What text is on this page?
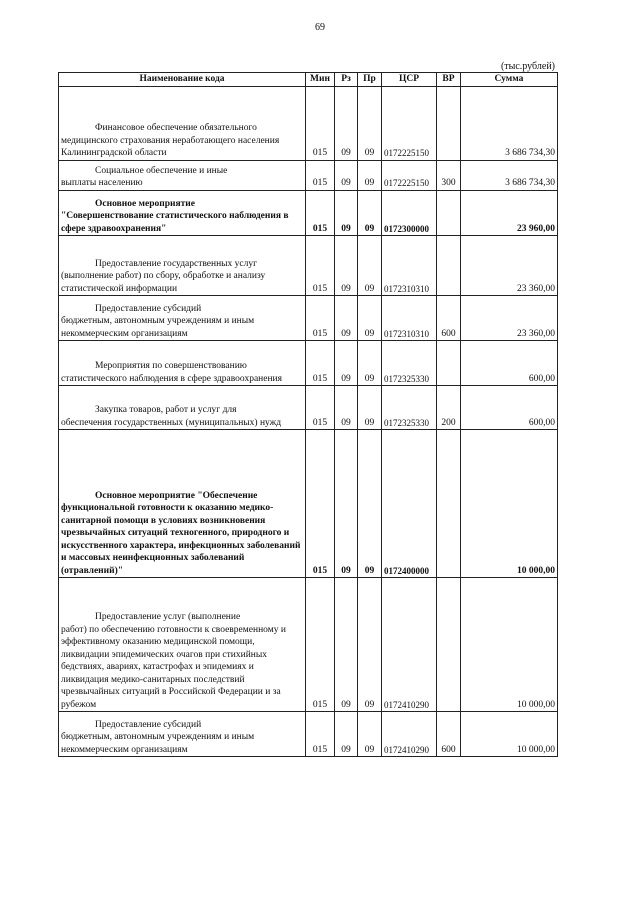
69
(тыс.рублей)
Наименование кода	Мин	Рз	Пр	ЦСР	ВР	Сумма

Финансовое обеспечение обязательного
медицинского страхования неработающего населения Калининградской области	015	09	09	0172225150		3 686 734,30

Социальное обеспечение и иные
выплаты населению	015	09	09	0172225150	300	3 686 734,30

Основное мероприятие
"Совершенствование статистического наблюдения в сфере здравоохранения"	015	09	09	0172300000		23 960,00

Предоставление государственных услуг
(выполнение работ) по сбору, обработке и анализу статистической информации	015	09	09	0172310310		23 360,00

Предоставление субсидий
бюджетным, автономным учреждениям и иным некоммерческим организациям	015	09	09	0172310310	600	23 360,00

Мероприятия по совершенствованию
статистического наблюдения в сфере здравоохранения	015	09	09	0172325330		600,00

Закупка товаров, работ и услуг для
обеспечения государственных (муниципальных) нужд	015	09	09	0172325330	200	600,00

Основное мероприятие "Обеспечение
функциональной готовности к оказанию медико-санитарной помощи в условиях возникновения чрезвычайных ситуаций техногенного, природного и искусственного характера, инфекционных заболеваний и массовых неинфекционных заболеваний (отравлений)"	015	09	09	0172400000		10 000,00

Предоставление услуг (выполнение
работ) по обеспечению готовности к своевременному и эффективному оказанию медицинской помощи, ликвидации эпидемических очагов при стихийных бедствиях, авариях, катастрофах и эпидемиях и ликвидация медико-санитарных последствий чрезвычайных ситуаций в Российской Федерации и за рубежом	015	09	09	0172410290		10 000,00

Предоставление субсидий
бюджетным, автономным учреждениям и иным некоммерческим организациям	015	09	09	0172410290	600	10 000,00
